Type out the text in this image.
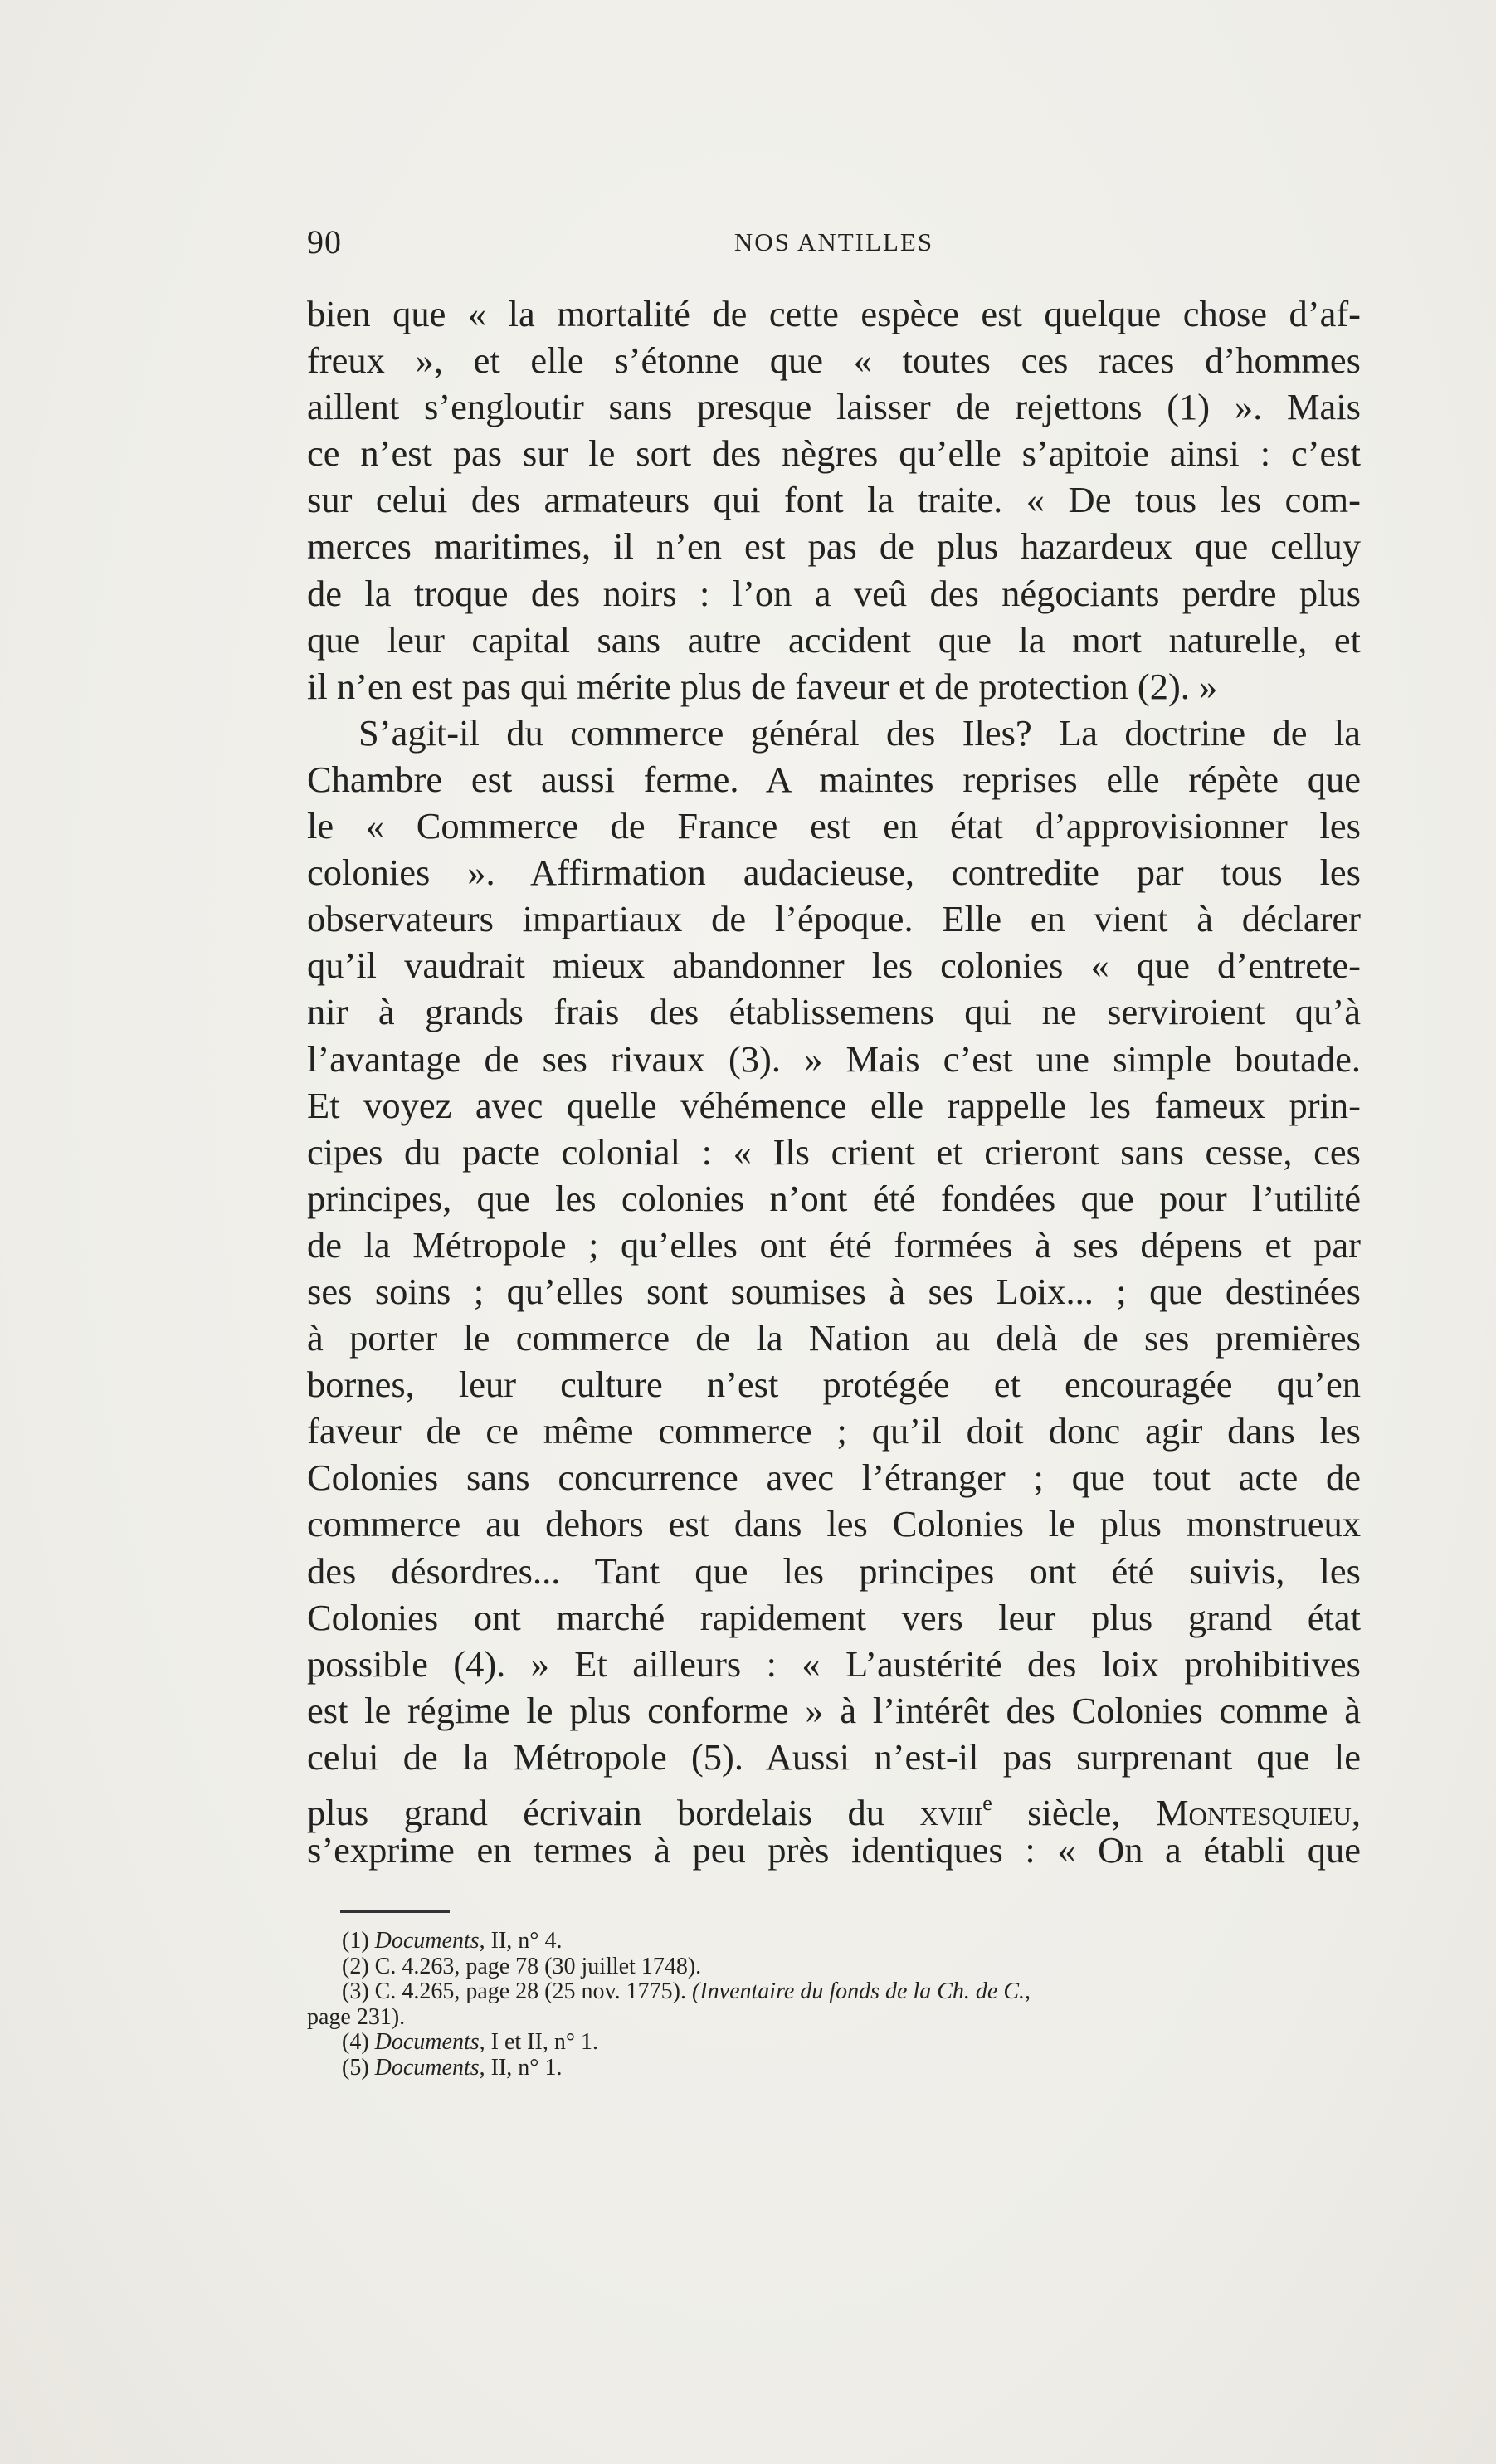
90	NOS ANTILLES
bien que « la mortalité de cette espèce est quelque chose d’af-
freux », et elle s’étonne que « toutes ces races d’hommes
aillent s’engloutir sans presque laisser de rejettons (1) ». Mais
ce n’est pas sur le sort des nègres qu’elle s’apitoie ainsi : c’est
sur celui des armateurs qui font la traite. « De tous les com-
merces maritimes, il n’en est pas de plus hazardeux que celluy
de la troque des noirs : l’on a veû des négociants perdre plus
que leur capital sans autre accident que la mort naturelle, et
il n’en est pas qui mérite plus de faveur et de protection (2). »
S’agit-il du commerce général des Iles? La doctrine de la
Chambre est aussi ferme. A maintes reprises elle répète que
le « Commerce de France est en état d’approvisionner les
colonies ». Affirmation audacieuse, contredite par tous les
observateurs impartiaux de l’époque. Elle en vient à déclarer
qu’il vaudrait mieux abandonner les colonies « que d’entrete-
nir à grands frais des établissemens qui ne serviroient qu’à
l’avantage de ses rivaux (3). » Mais c’est une simple boutade.
Et voyez avec quelle véhémence elle rappelle les fameux prin-
cipes du pacte colonial : « Ils crient et crieront sans cesse, ces
principes, que les colonies n’ont été fondées que pour l’utilité
de la Métropole ; qu’elles ont été formées à ses dépens et par
ses soins ; qu’elles sont soumises à ses Loix... ; que destinées
à porter le commerce de la Nation au delà de ses premières
bornes, leur culture n’est protégée et encouragée qu’en
faveur de ce même commerce ; qu’il doit donc agir dans les
Colonies sans concurrence avec l’étranger ; que tout acte de
commerce au dehors est dans les Colonies le plus monstrueux
des désordres... Tant que les principes ont été suivis, les
Colonies ont marché rapidement vers leur plus grand état
possible (4). » Et ailleurs : « L’austérité des loix prohibitives
est le régime le plus conforme » à l’intérêt des Colonies comme à
celui de la Métropole (5). Aussi n’est-il pas surprenant que le
plus grand écrivain bordelais du xviii$^e$ siècle, Montesquieu,
s’exprime en termes à peu près identiques : « On a établi que
(1) Documents, II, n° 4.
(2) C. 4.263, page 78 (30 juillet 1748).
(3) C. 4.265, page 28 (25 nov. 1775). (Inventaire du fonds de la Ch. de C.,
page 231).
(4) Documents, I et II, n° 1.
(5) Documents, II, n° 1.
